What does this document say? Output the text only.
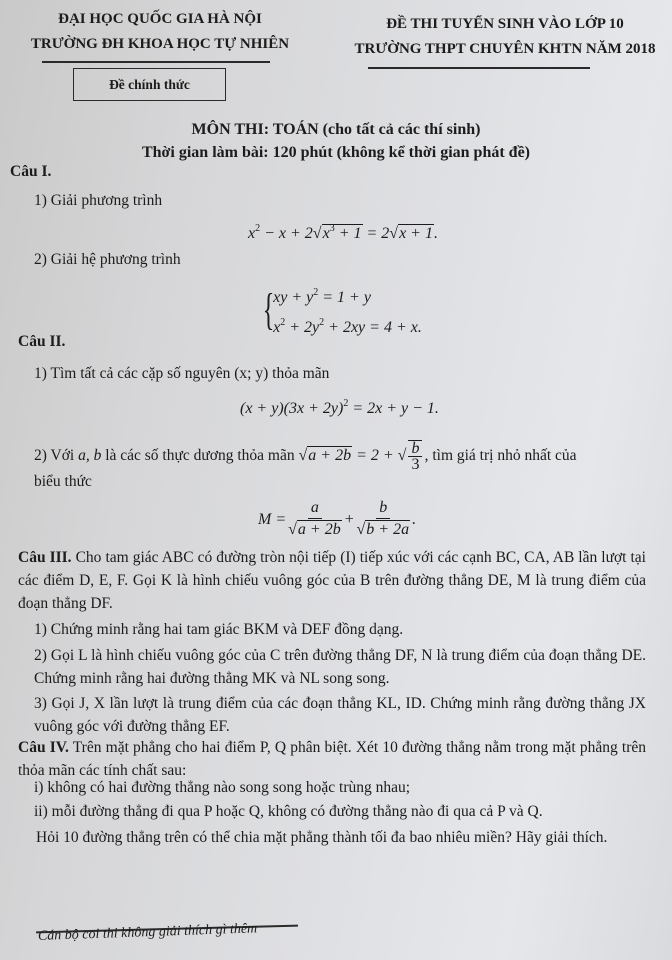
ĐẠI HỌC QUỐC GIA HÀ NỘI
TRƯỜNG ĐH KHOA HỌC TỰ NHIÊN
Đề chính thức
ĐỀ THI TUYỂN SINH VÀO LỚP 10
TRƯỜNG THPT CHUYÊN KHTN NĂM 2018
MÔN THI: TOÁN (cho tất cả các thí sinh)
Thời gian làm bài: 120 phút (không kể thời gian phát đề)
Câu I.
1) Giải phương trình
$x^2 - x + 2√x^3 + 1 = 2√x + 1$.
2) Giải hệ phương trình
{
xy + $y^2 = 1 + y$
$x^2 + 2y^2 + 2xy = 4 + x$.
Câu II.
1) Tìm tất cả các cặp số nguyên (x; y) thỏa mãn
$(x + y)(3x + 2y)^2 = 2x + y - 1$.
2) Với a, b là các số thực dương thỏa mãn √a + 2b = 2 + √ $\frac{b}{3}$ , tìm giá trị nhỏ nhất của
biểu thức
$M = \frac{a}{√a + 2b} + \frac{b}{√b + 2a}$ .
Câu III. Cho tam giác ABC có đường tròn nội tiếp (I) tiếp xúc với các cạnh BC, CA, AB lần lượt tại các điểm D, E, F. Gọi K là hình chiếu vuông góc của B trên đường thẳng DE, M là trung điểm của đoạn thẳng DF.
1) Chứng minh rằng hai tam giác BKM và DEF đồng dạng.
2) Gọi L là hình chiếu vuông góc của C trên đường thẳng DF, N là trung điểm của đoạn thẳng DE. Chứng minh rằng hai đường thẳng MK và NL song song.
3) Gọi J, X lần lượt là trung điểm của các đoạn thẳng KL, ID. Chứng minh rằng đường thẳng JX vuông góc với đường thẳng EF.
Câu IV. Trên mặt phẳng cho hai điểm P, Q phân biệt. Xét 10 đường thẳng nằm trong mặt phẳng trên thỏa mãn các tính chất sau:
i) không có hai đường thẳng nào song song hoặc trùng nhau;
ii) mỗi đường thẳng đi qua P hoặc Q, không có đường thẳng nào đi qua cả P và Q.
Hỏi 10 đường thẳng trên có thể chia mặt phẳng thành tối đa bao nhiêu miền? Hãy giải thích.
Cán bộ coi thi không giải thích gì thêm
